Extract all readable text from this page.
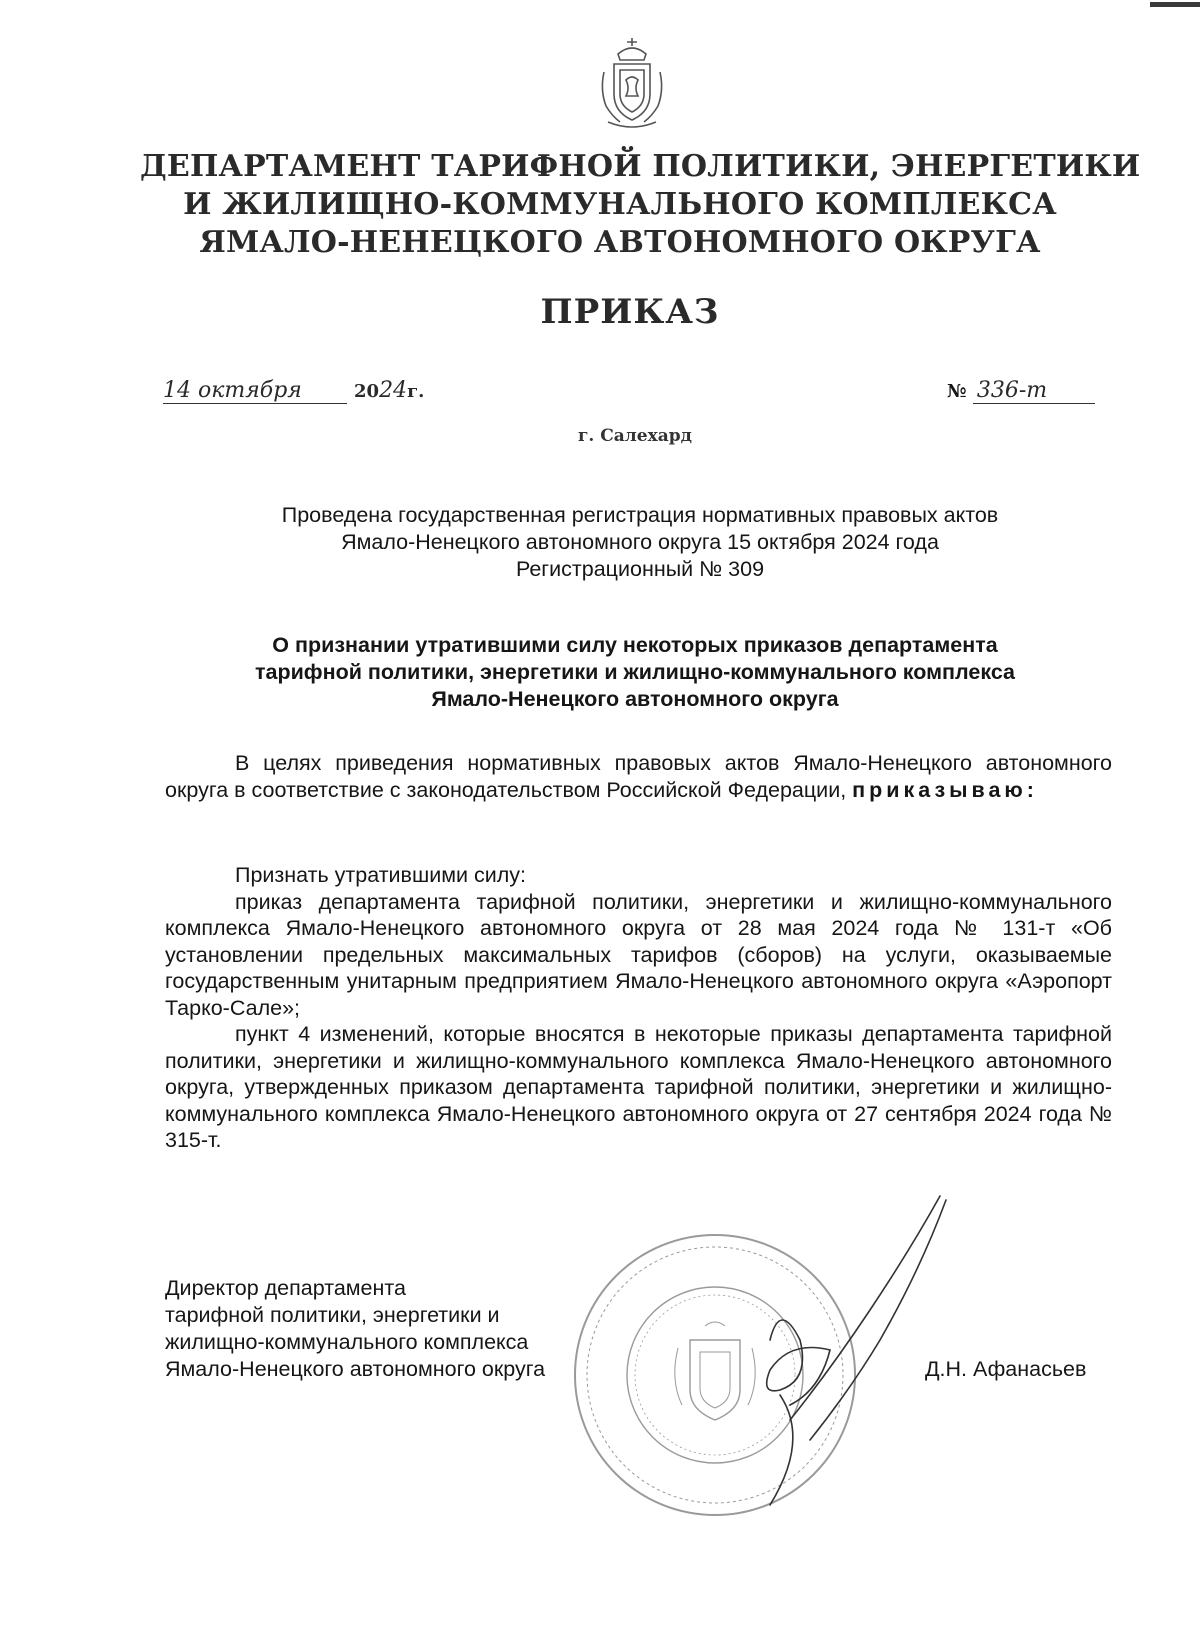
ДЕПАРТАМЕНТ ТАРИФНОЙ ПОЛИТИКИ, ЭНЕРГЕТИКИ
И ЖИЛИЩНО-КОММУНАЛЬНОГО КОМПЛЕКСА
ЯМАЛО-НЕНЕЦКОГО АВТОНОМНОГО ОКРУГА
ПРИКАЗ
14 октября	2024г.	№ 336-т
г. Салехард
Проведена государственная регистрация нормативных правовых актов
Ямало-Ненецкого автономного округа 15 октября 2024 года
Регистрационный № 309
О признании утратившими силу некоторых приказов департамента
тарифной политики, энергетики и жилищно-коммунального комплекса
Ямало-Ненецкого автономного округа

В целях приведения нормативных правовых актов Ямало-Ненецкого автономного округа в соответствие с законодательством Российской Федерации, приказываю:

Признать утратившими силу:

приказ департамента тарифной политики, энергетики и жилищно-коммунального комплекса Ямало-Ненецкого автономного округа от 28 мая 2024 года № 131-т «Об установлении предельных максимальных тарифов (сборов) на услуги, оказываемые государственным унитарным предприятием Ямало-Ненецкого автономного округа «Аэропорт Тарко-Сале»;

пункт 4 изменений, которые вносятся в некоторые приказы департамента тарифной политики, энергетики и жилищно-коммунального комплекса Ямало-Ненецкого автономного округа, утвержденных приказом департамента тарифной политики, энергетики и жилищно-коммунального комплекса Ямало-Ненецкого автономного округа от 27 сентября 2024 года № 315-т.

Директор департамента
тарифной политики, энергетики и
жилищно-коммунального комплекса
Ямало-Ненецкого автономного округа	Д.Н. Афанасьев
